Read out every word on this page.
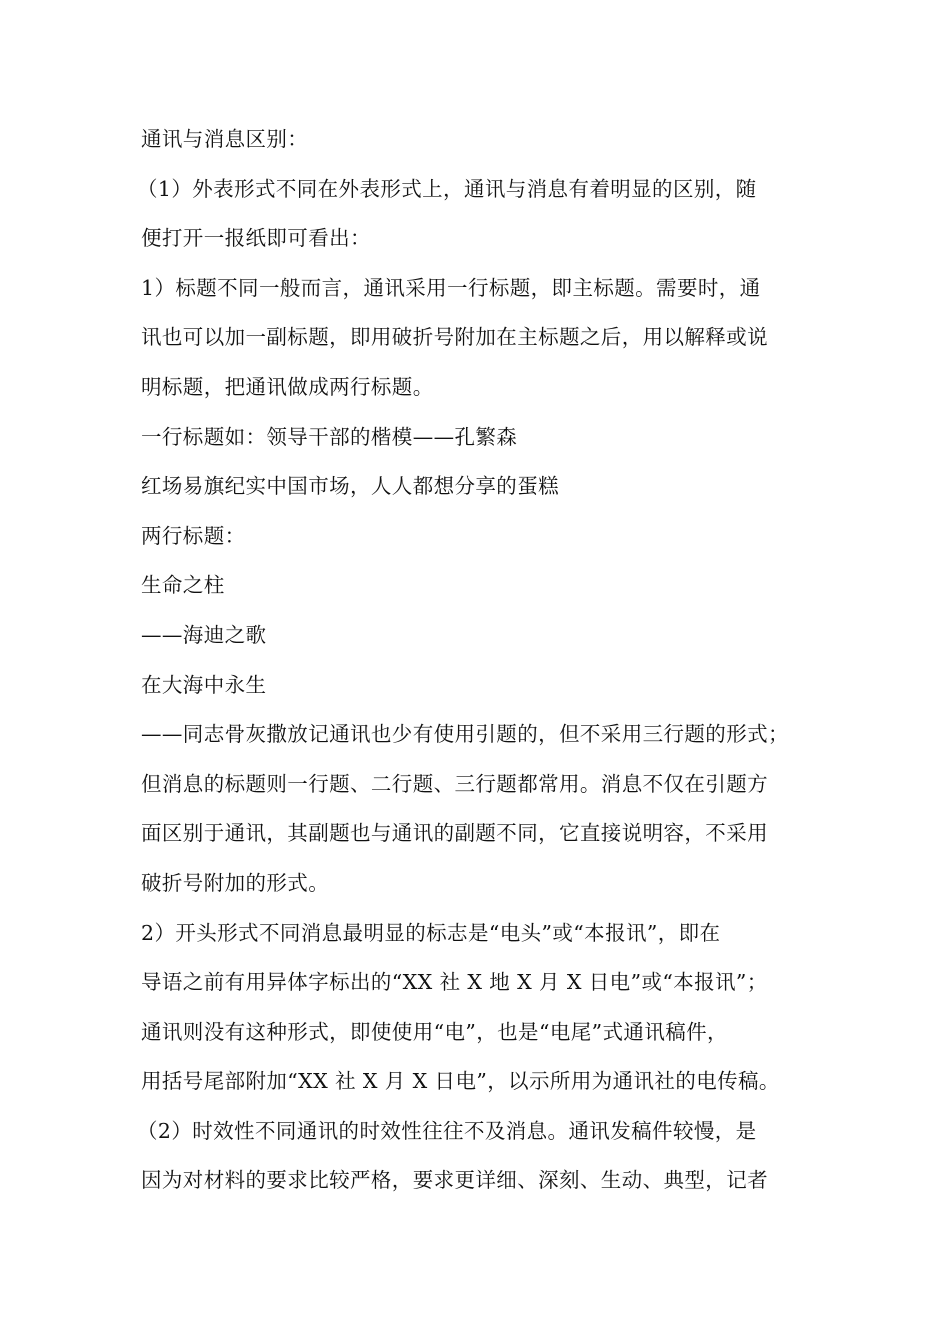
通讯与消息区别：
（1）外表形式不同在外表形式上，通讯与消息有着明显的区别，随
便打开一报纸即可看出：
1）标题不同一般而言，通讯采用一行标题，即主标题。需要时，通
讯也可以加一副标题，即用破折号附加在主标题之后，用以解释或说
明标题，把通讯做成两行标题。
一行标题如：领导干部的楷模——孔繁森
红场易旗纪实中国市场，人人都想分享的蛋糕
两行标题：
生命之柱
——海迪之歌
在大海中永生
——同志骨灰撒放记通讯也少有使用引题的，但不采用三行题的形式；
但消息的标题则一行题、二行题、三行题都常用。消息不仅在引题方
面区别于通讯，其副题也与通讯的副题不同，它直接说明容，不采用
破折号附加的形式。
2）开头形式不同消息最明显的标志是“电头”或“本报讯”，即在
导语之前有用异体字标出的“XX 社 X 地 X 月 X 日电”或“本报讯”；
通讯则没有这种形式，即使使用“电”，也是“电尾”式通讯稿件，
用括号尾部附加“XX 社 X 月 X 日电”，以示所用为通讯社的电传稿。
（2）时效性不同通讯的时效性往往不及消息。通讯发稿件较慢，是
因为对材料的要求比较严格，要求更详细、深刻、生动、典型，记者
